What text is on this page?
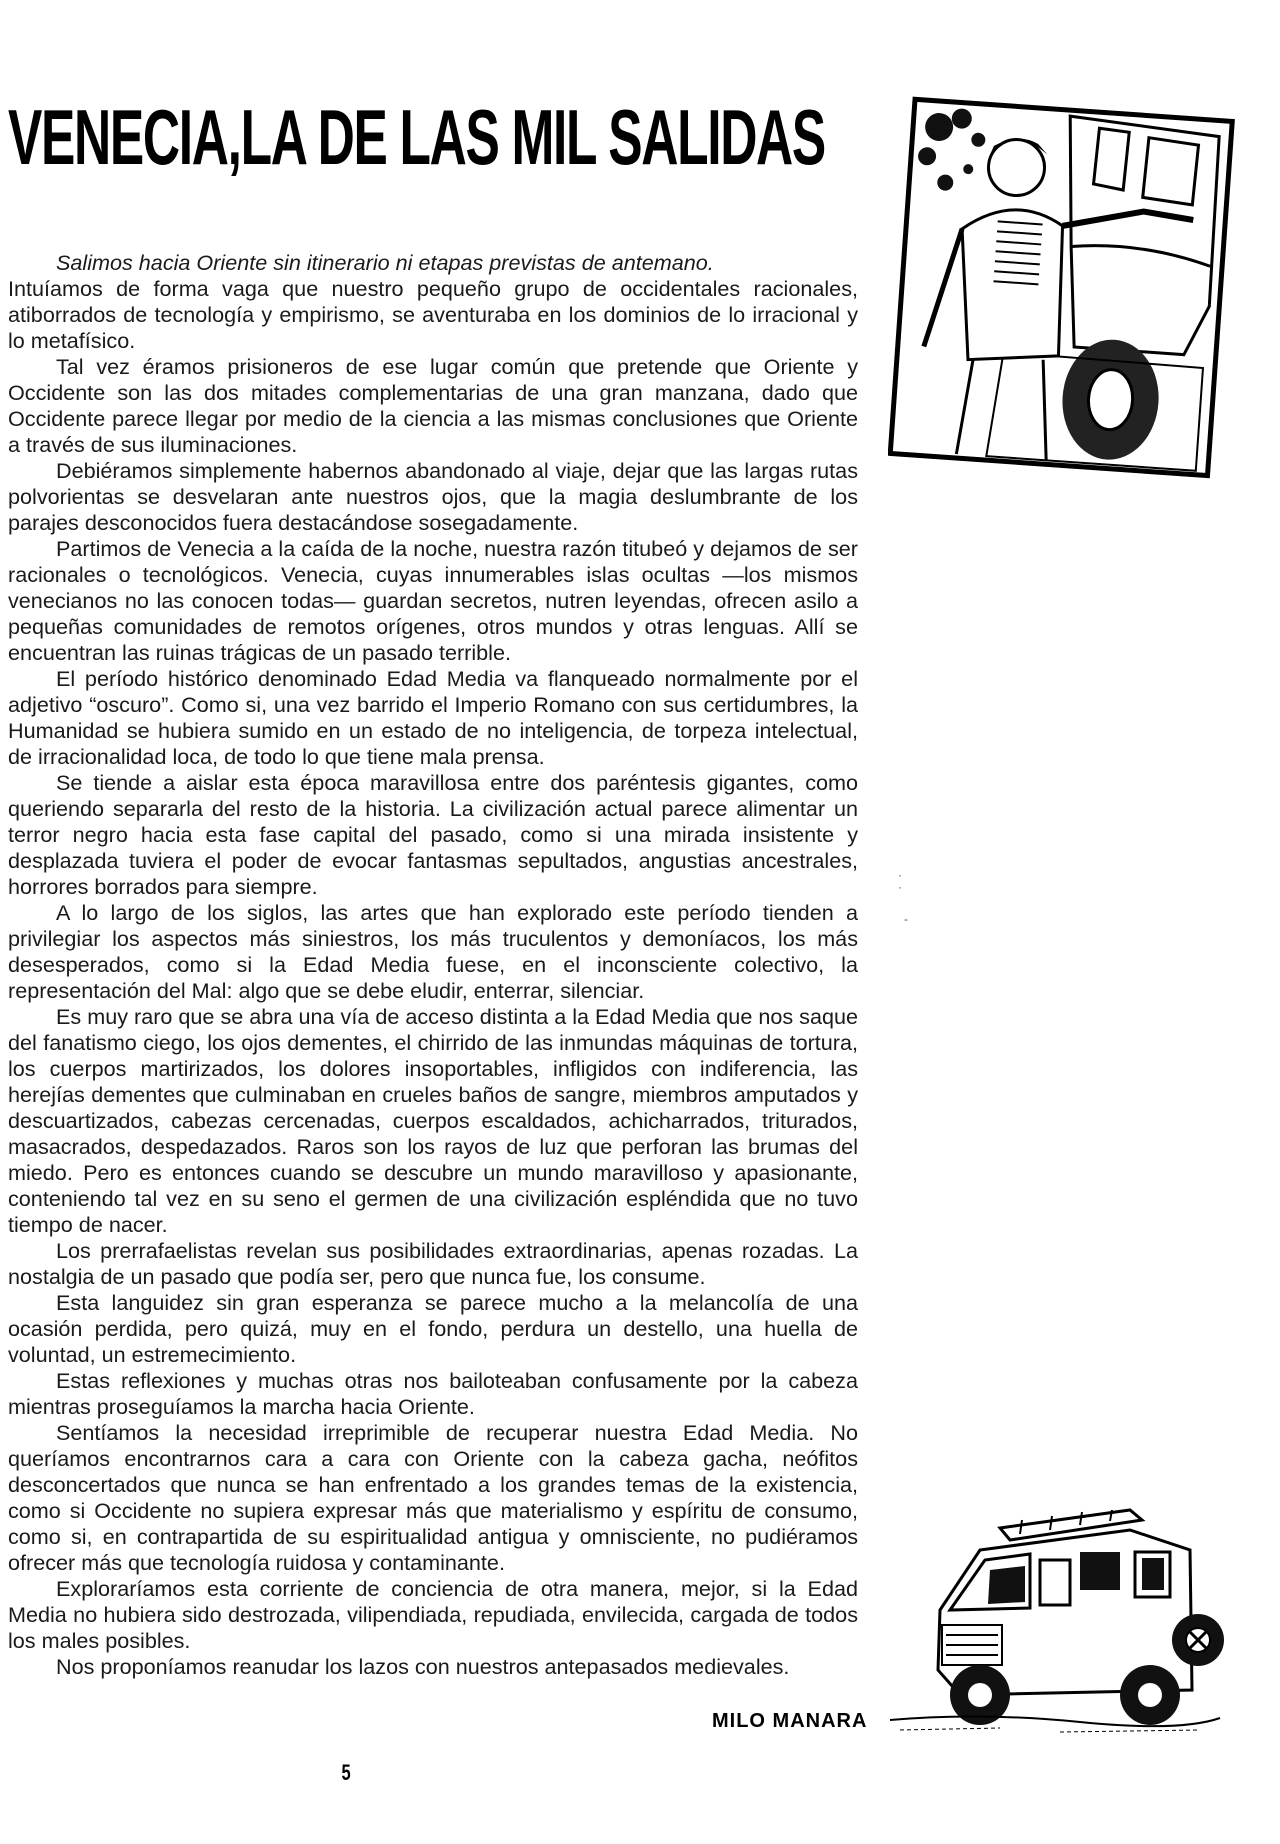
VENECIA,LA DE LAS MIL SALIDAS

Salimos hacia Oriente sin itinerario ni etapas previstas de antemano.

Intuíamos de forma vaga que nuestro pequeño grupo de occidentales racionales, atiborrados de tecnología y empirismo, se aventuraba en los dominios de lo irracional y lo metafísico.

Tal vez éramos prisioneros de ese lugar común que pretende que Oriente y Occidente son las dos mitades complementarias de una gran manzana, dado que Occidente parece llegar por medio de la ciencia a las mismas conclusiones que Oriente a través de sus iluminaciones.

Debiéramos simplemente habernos abandonado al viaje, dejar que las largas rutas polvorientas se desvelaran ante nuestros ojos, que la magia deslumbrante de los parajes desconocidos fuera destacándose sosegadamente.

Partimos de Venecia a la caída de la noche, nuestra razón titubeó y dejamos de ser racionales o tecnológicos. Venecia, cuyas innumerables islas ocultas —los mismos venecianos no las conocen todas— guardan secretos, nutren leyendas, ofrecen asilo a pequeñas comunidades de remotos orígenes, otros mundos y otras lenguas. Allí se encuentran las ruinas trágicas de un pasado terrible.

El período histórico denominado Edad Media va flanqueado normalmente por el adjetivo “oscuro”. Como si, una vez barrido el Imperio Romano con sus certidumbres, la Humanidad se hubiera sumido en un estado de no inteligencia, de torpeza intelectual, de irracionalidad loca, de todo lo que tiene mala prensa.

Se tiende a aislar esta época maravillosa entre dos paréntesis gigantes, como queriendo separarla del resto de la historia. La civilización actual parece alimentar un terror negro hacia esta fase capital del pasado, como si una mirada insistente y desplazada tuviera el poder de evocar fantasmas sepultados, angustias ancestrales, horrores borrados para siempre.

A lo largo de los siglos, las artes que han explorado este período tienden a privilegiar los aspectos más siniestros, los más truculentos y demoníacos, los más desesperados, como si la Edad Media fuese, en el inconsciente colectivo, la representación del Mal: algo que se debe eludir, enterrar, silenciar.

Es muy raro que se abra una vía de acceso distinta a la Edad Media que nos saque del fanatismo ciego, los ojos dementes, el chirrido de las inmundas máquinas de tortura, los cuerpos martirizados, los dolores insoportables, infligidos con indiferencia, las herejías dementes que culminaban en crueles baños de sangre, miembros amputados y descuartizados, cabezas cercenadas, cuerpos escaldados, achicharrados, triturados, masacrados, despedazados. Raros son los rayos de luz que perforan las brumas del miedo. Pero es entonces cuando se descubre un mundo maravilloso y apasionante, conteniendo tal vez en su seno el germen de una civilización espléndida que no tuvo tiempo de nacer.

Los prerrafaelistas revelan sus posibilidades extraordinarias, apenas rozadas. La nostalgia de un pasado que podía ser, pero que nunca fue, los consume.

Esta languidez sin gran esperanza se parece mucho a la melancolía de una ocasión perdida, pero quizá, muy en el fondo, perdura un destello, una huella de voluntad, un estremecimiento.

Estas reflexiones y muchas otras nos bailoteaban confusamente por la cabeza mientras proseguíamos la marcha hacia Oriente.

Sentíamos la necesidad irreprimible de recuperar nuestra Edad Media. No queríamos encontrarnos cara a cara con Oriente con la cabeza gacha, neófitos desconcertados que nunca se han enfrentado a los grandes temas de la existencia, como si Occidente no supiera expresar más que materialismo y espíritu de consumo, como si, en contrapartida de su espiritualidad antigua y omnisciente, no pudiéramos ofrecer más que tecnología ruidosa y contaminante.

Exploraríamos esta corriente de conciencia de otra manera, mejor, si la Edad Media no hubiera sido destrozada, vilipendiada, repudiada, envilecida, cargada de todos los males posibles.

Nos proponíamos reanudar los lazos con nuestros antepasados medievales.

MILO MANARA
5
·
·
-
